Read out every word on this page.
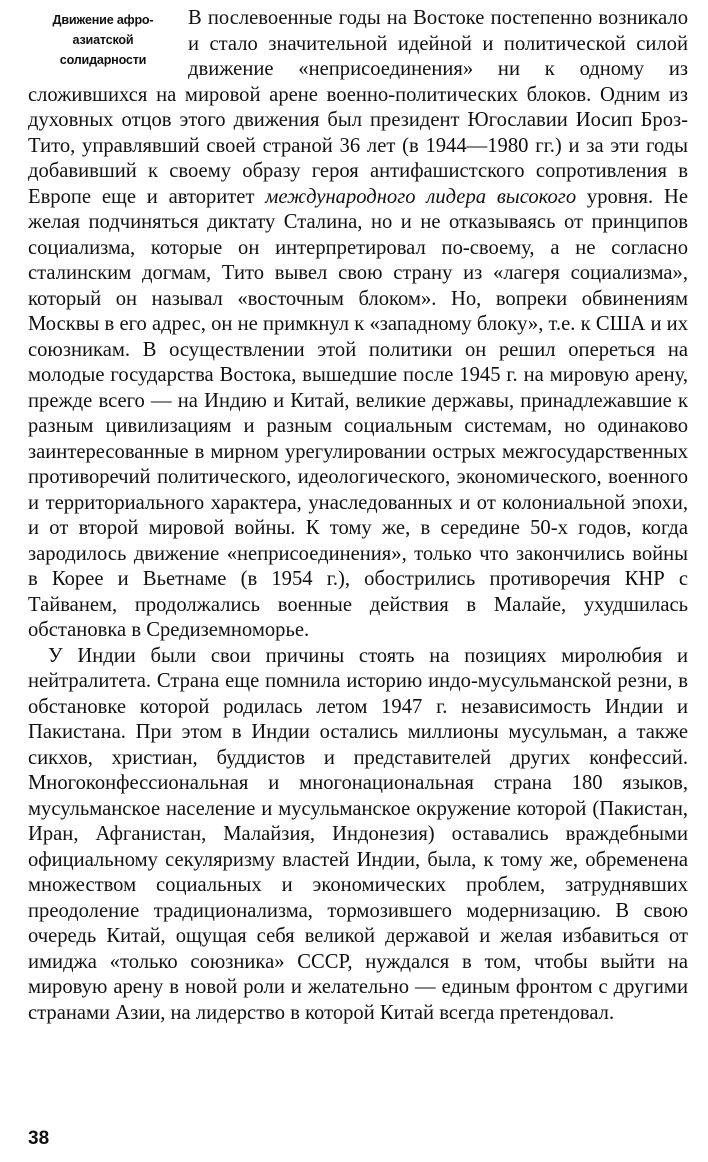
Движение афро-
азиатской
солидарности

В послевоенные годы на Востоке постепенно возникало и стало значительной идейной и политической силой движение «неприсоединения» ни к одному из сложившихся на мировой арене военно-политических блоков. Одним из духовных отцов этого движения был президент Югославии Иосип Броз-Тито, управлявший своей страной 36 лет (в 1944—1980 гг.) и за эти годы добавивший к своему образу героя антифашистского сопротивления в Европе еще и авторитет международного лидера высокого уровня. Не желая подчиняться диктату Сталина, но и не отказываясь от принципов социализма, которые он интерпретировал по-своему, а не согласно сталинским догмам, Тито вывел свою страну из «лагеря социализма», который он называл «восточным блоком». Но, вопреки обвинениям Москвы в его адрес, он не примкнул к «западному блоку», т.е. к США и их союзникам. В осуществлении этой политики он решил опереться на молодые государства Востока, вышедшие после 1945 г. на мировую арену, прежде всего — на Индию и Китай, великие державы, принадлежавшие к разным цивилизациям и разным социальным системам, но одинаково заинтересованные в мирном урегулировании острых межгосударственных противоречий политического, идеологического, экономического, военного и территориального характера, унаследованных и от колониальной эпохи, и от второй мировой войны. К тому же, в середине 50-х годов, когда зародилось движение «неприсоединения», только что закончились войны в Корее и Вьетнаме (в 1954 г.), обострились противоречия КНР с Тайванем, продолжались военные действия в Малайе, ухудшилась обстановка в Средиземноморье.

У Индии были свои причины стоять на позициях миролюбия и нейтралитета. Страна еще помнила историю индо-мусульманской резни, в обстановке которой родилась летом 1947 г. независимость Индии и Пакистана. При этом в Индии остались миллионы мусульман, а также сикхов, христиан, буддистов и представителей других конфессий. Многоконфессиональная и многонациональная страна 180 языков, мусульманское население и мусульманское окружение которой (Пакистан, Иран, Афганистан, Малайзия, Индонезия) оставались враждебными официальному секуляризму властей Индии, была, к тому же, обременена множеством социальных и экономических проблем, затруднявших преодоление традиционализма, тормозившего модернизацию. В свою очередь Китай, ощущая себя великой державой и желая избавиться от имиджа «только союзника» СССР, нуждался в том, чтобы выйти на мировую арену в новой роли и желательно — единым фронтом с другими странами Азии, на лидерство в которой Китай всегда претендовал.

38
